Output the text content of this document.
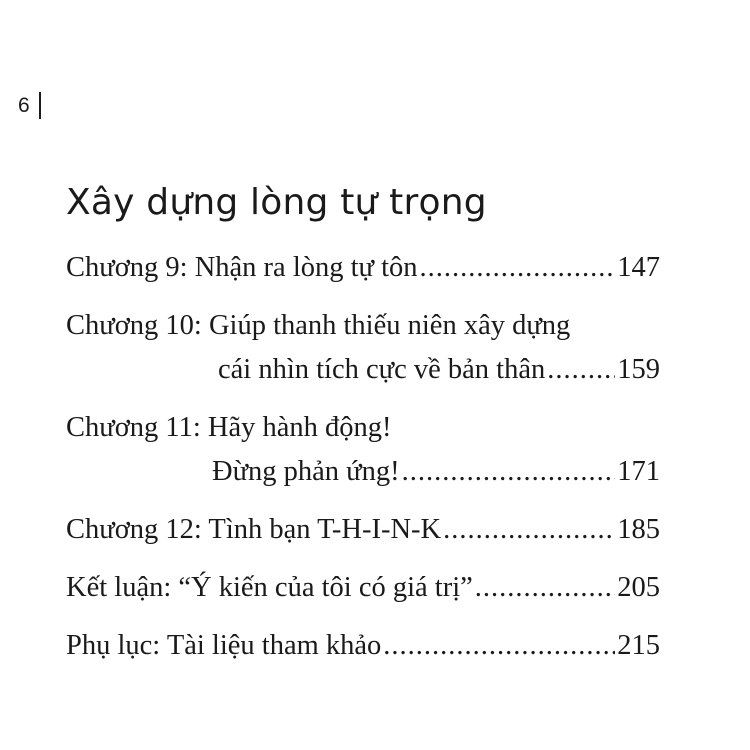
6
Xây dựng lòng tự trọng
Chương 9: Nhận ra lòng tự tôn .....	147
Chương 10: Giúp thanh thiếu niên xây dựng
cái nhìn tích cực về bản thân .....	159
Chương 11: Hãy hành động!
Đừng phản ứng! .....	171
Chương 12: Tình bạn T-H-I-N-K .....	185
Kết luận: “Ý kiến của tôi có giá trị” .....	205
Phụ lục: Tài liệu tham khảo .....	215
